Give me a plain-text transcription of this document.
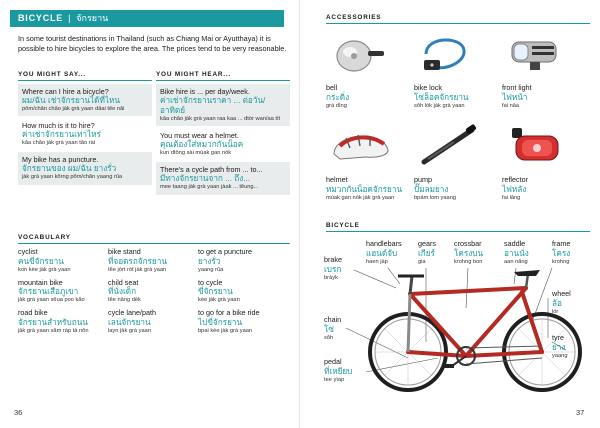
BICYCLE | จักรยาน

In some tourist destinations in Thailand (such as Chiang Mai or Ayutthaya) it is possible to hire bicycles to explore the area. The prices tend to be very reasonable.

YOU MIGHT SAY...	YOU MIGHT HEAR...
Where can I hire a bicycle?
ผม/ฉัน เช่าจักรยานได้ที่ไหน
pŏm/chăn châo jàk grà yaan dâai têe năi
How much is it to hire?
ค่าเช่าจักรยานเท่าไหร่
kâa châo jàk grà yaan tâo rài
My bike has a puncture.
จักรยานของ ผม/ฉัน ยางรั่ว
jàk grà yaan kŏrng pŏm/chăn yaang rûa
Bike hire is ... per day/week.
ค่าเช่าจักรยานราคา ... ต่อวัน/อาทิตย์
kâa châo jàk grà yaan raa kaa ... dtòr wan/aa tít
You must wear a helmet.
คุณต้องใส่หมวกกันน็อค
kun dtông sài mùak gan nók
There's a cycle path from ... to...
มีทางจักรยานจาก ... ถึง...
mee taang jàk grà yaan jàak ... tĕung...
VOCABULARY
cyclist
คนขี่จักรยาน
kon kèe jàk grà yaan
mountain bike
จักรยานเสือภูเขา
jàk grà yaan sĕua poo kăo
road bike
จักรยานสำหรับถนน
jàk grà yaan săm ràp tà nŏn
bike stand
ที่จอดรถจักรยาน
têe jòrt rót jàk grà yaan
child seat
ที่นั่งเด็ก
têe nâng dèk
cycle lane/path
เลนจักรยาน
layn jàk grà yaan
to get a puncture
ยางรั่ว
yaang rûa
to cycle
ขี่จักรยาน
kèe jàk grà yaan
to go for a bike ride
ไปขี่จักรยาน
bpai kèe jàk grà yaan
36
ACCESSORIES
bell
กระดิ่ง
grà dìng
bike lock
โซ่ล็อคจักรยาน
sôh lók jàk grà yaan
front light
ไฟหน้า
fai nâa
helmet
หมวกกันน็อคจักรยาน
mùak gan nók jàk grà yaan
pump
ปั๊มลมยาง
bpám lom yaang
reflector
ไฟหลัง
fai lăng
BICYCLE
brake
เบรก
bràyk
handlebars
แฮนด์จับ
haen jàp
gears
เกียร์
gia
crossbar
โครงบน
krohng bon
saddle
อานนั่ง
aan nâng
frame
โครง
krohng
wheel
ล้อ
lór
chain
โซ่
sôh	tyre
ยาง
yaang
pedal
ที่เหยียบ
tee yìap
37
